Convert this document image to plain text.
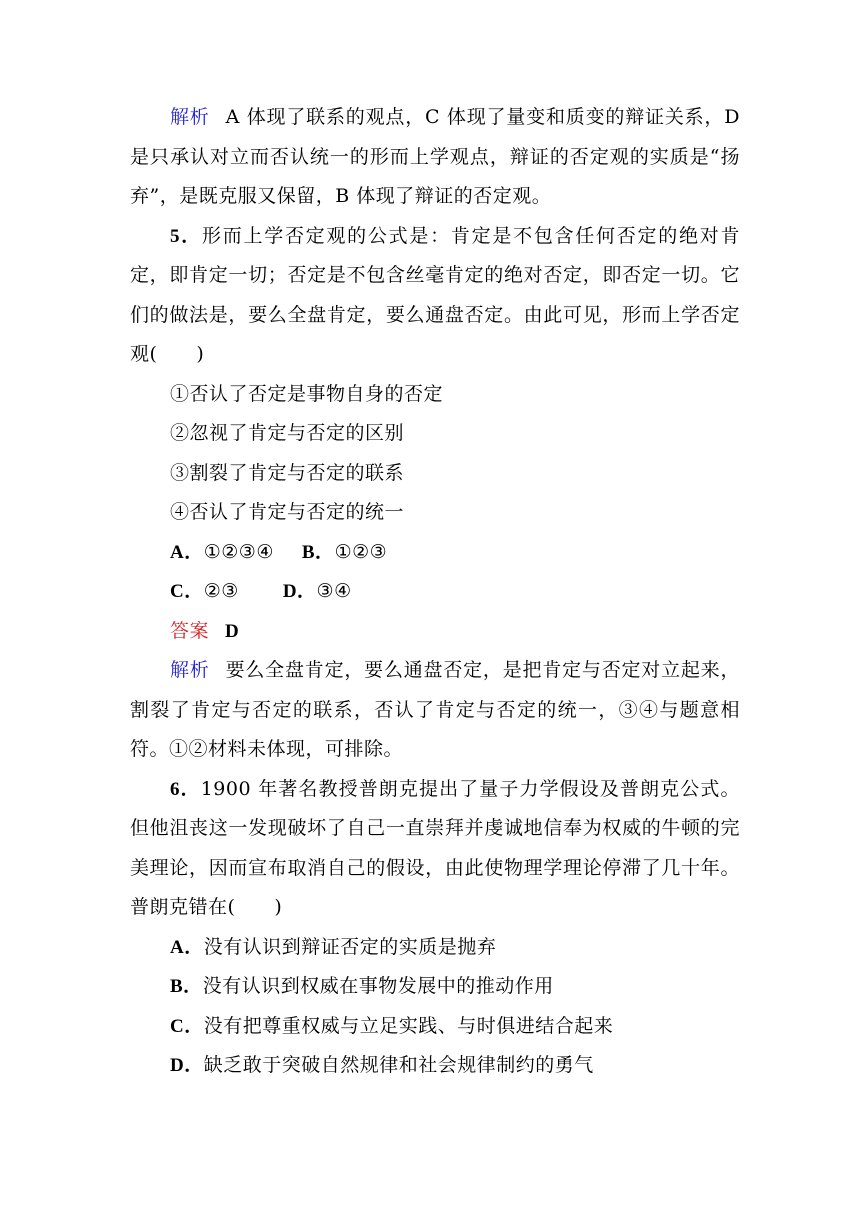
解析 A 体现了联系的观点，C 体现了量变和质变的辩证关系，D 是只承认对立而否认统一的形而上学观点，辩证的否定观的实质是“扬弃”，是既克服又保留，B 体现了辩证的否定观。

5．形而上学否定观的公式是：肯定是不包含任何否定的绝对肯定，即肯定一切；否定是不包含丝毫肯定的绝对否定，即否定一切。它们的做法是，要么全盘肯定，要么通盘否定。由此可见，形而上学否定观(　　)

①否认了否定是事物自身的否定

②忽视了肯定与否定的区别

③割裂了肯定与否定的联系

④否认了肯定与否定的统一

A．①②③④ B．①②③

C．②③ D．③④

答案 D

解析 要么全盘肯定，要么通盘否定，是把肯定与否定对立起来，割裂了肯定与否定的联系，否认了肯定与否定的统一，③④与题意相符。①②材料未体现，可排除。

6．1900 年著名教授普朗克提出了量子力学假设及普朗克公式。但他沮丧这一发现破坏了自己一直崇拜并虔诚地信奉为权威的牛顿的完美理论，因而宣布取消自己的假设，由此使物理学理论停滞了几十年。普朗克错在(　　)

A．没有认识到辩证否定的实质是抛弃

B．没有认识到权威在事物发展中的推动作用

C．没有把尊重权威与立足实践、与时俱进结合起来

D．缺乏敢于突破自然规律和社会规律制约的勇气
